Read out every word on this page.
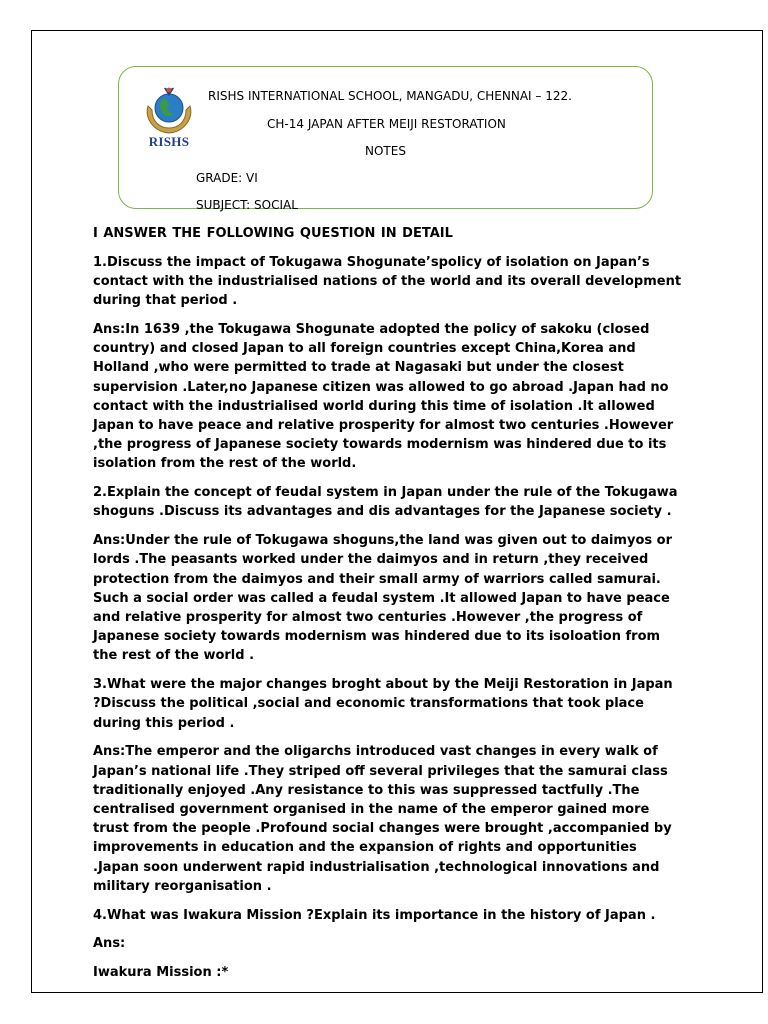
RISHS
RISHS INTERNATIONAL SCHOOL, MANGADU, CHENNAI – 122.
CH-14 JAPAN AFTER MEIJI RESTORATION
NOTES
GRADE: VI
SUBJECT: SOCIAL

I ANSWER THE FOLLOWING QUESTION IN DETAIL

1.Discuss the impact of Tokugawa Shogunate’spolicy of isolation on Japan’s contact with the industrialised nations of the world and its overall development during that period .

Ans:In 1639 ,the Tokugawa Shogunate adopted the policy of sakoku (closed country) and closed Japan to all foreign countries except China,Korea and Holland ,who were permitted to trade at Nagasaki but under the closest supervision .Later,no Japanese citizen was allowed to go abroad .Japan had no contact with the industrialised world during this time of isolation .It allowed Japan to have peace and relative prosperity for almost two centuries .However ,the progress of Japanese society towards modernism was hindered due to its isolation from the rest of the world.

2.Explain the concept of feudal system in Japan under the rule of the Tokugawa shoguns .Discuss its advantages and dis advantages for the Japanese society .

Ans:Under the rule of Tokugawa shoguns,the land was given out to daimyos or lords .The peasants worked under the daimyos and in return ,they received protection from the daimyos and their small army of warriors called samurai. Such a social order was called a feudal system .It allowed Japan to have peace and relative prosperity for almost two centuries .However ,the progress of Japanese society towards modernism was hindered due to its isoloation from the rest of the world .

3.What were the major changes broght about by the Meiji Restoration in Japan ?Discuss the political ,social and economic transformations that took place during this period .

Ans:The emperor and the oligarchs introduced vast changes in every walk of Japan’s national life .They striped off several privileges that the samurai class traditionally enjoyed .Any resistance to this was suppressed tactfully .The centralised government organised in the name of the emperor gained more trust from the people .Profound social changes were brought ,accompanied by improvements in education and the expansion of rights and opportunities .Japan soon underwent rapid industrialisation ,technological innovations and military reorganisation .

4.What was Iwakura Mission ?Explain its importance in the history of Japan .

Ans:

Iwakura Mission :*
